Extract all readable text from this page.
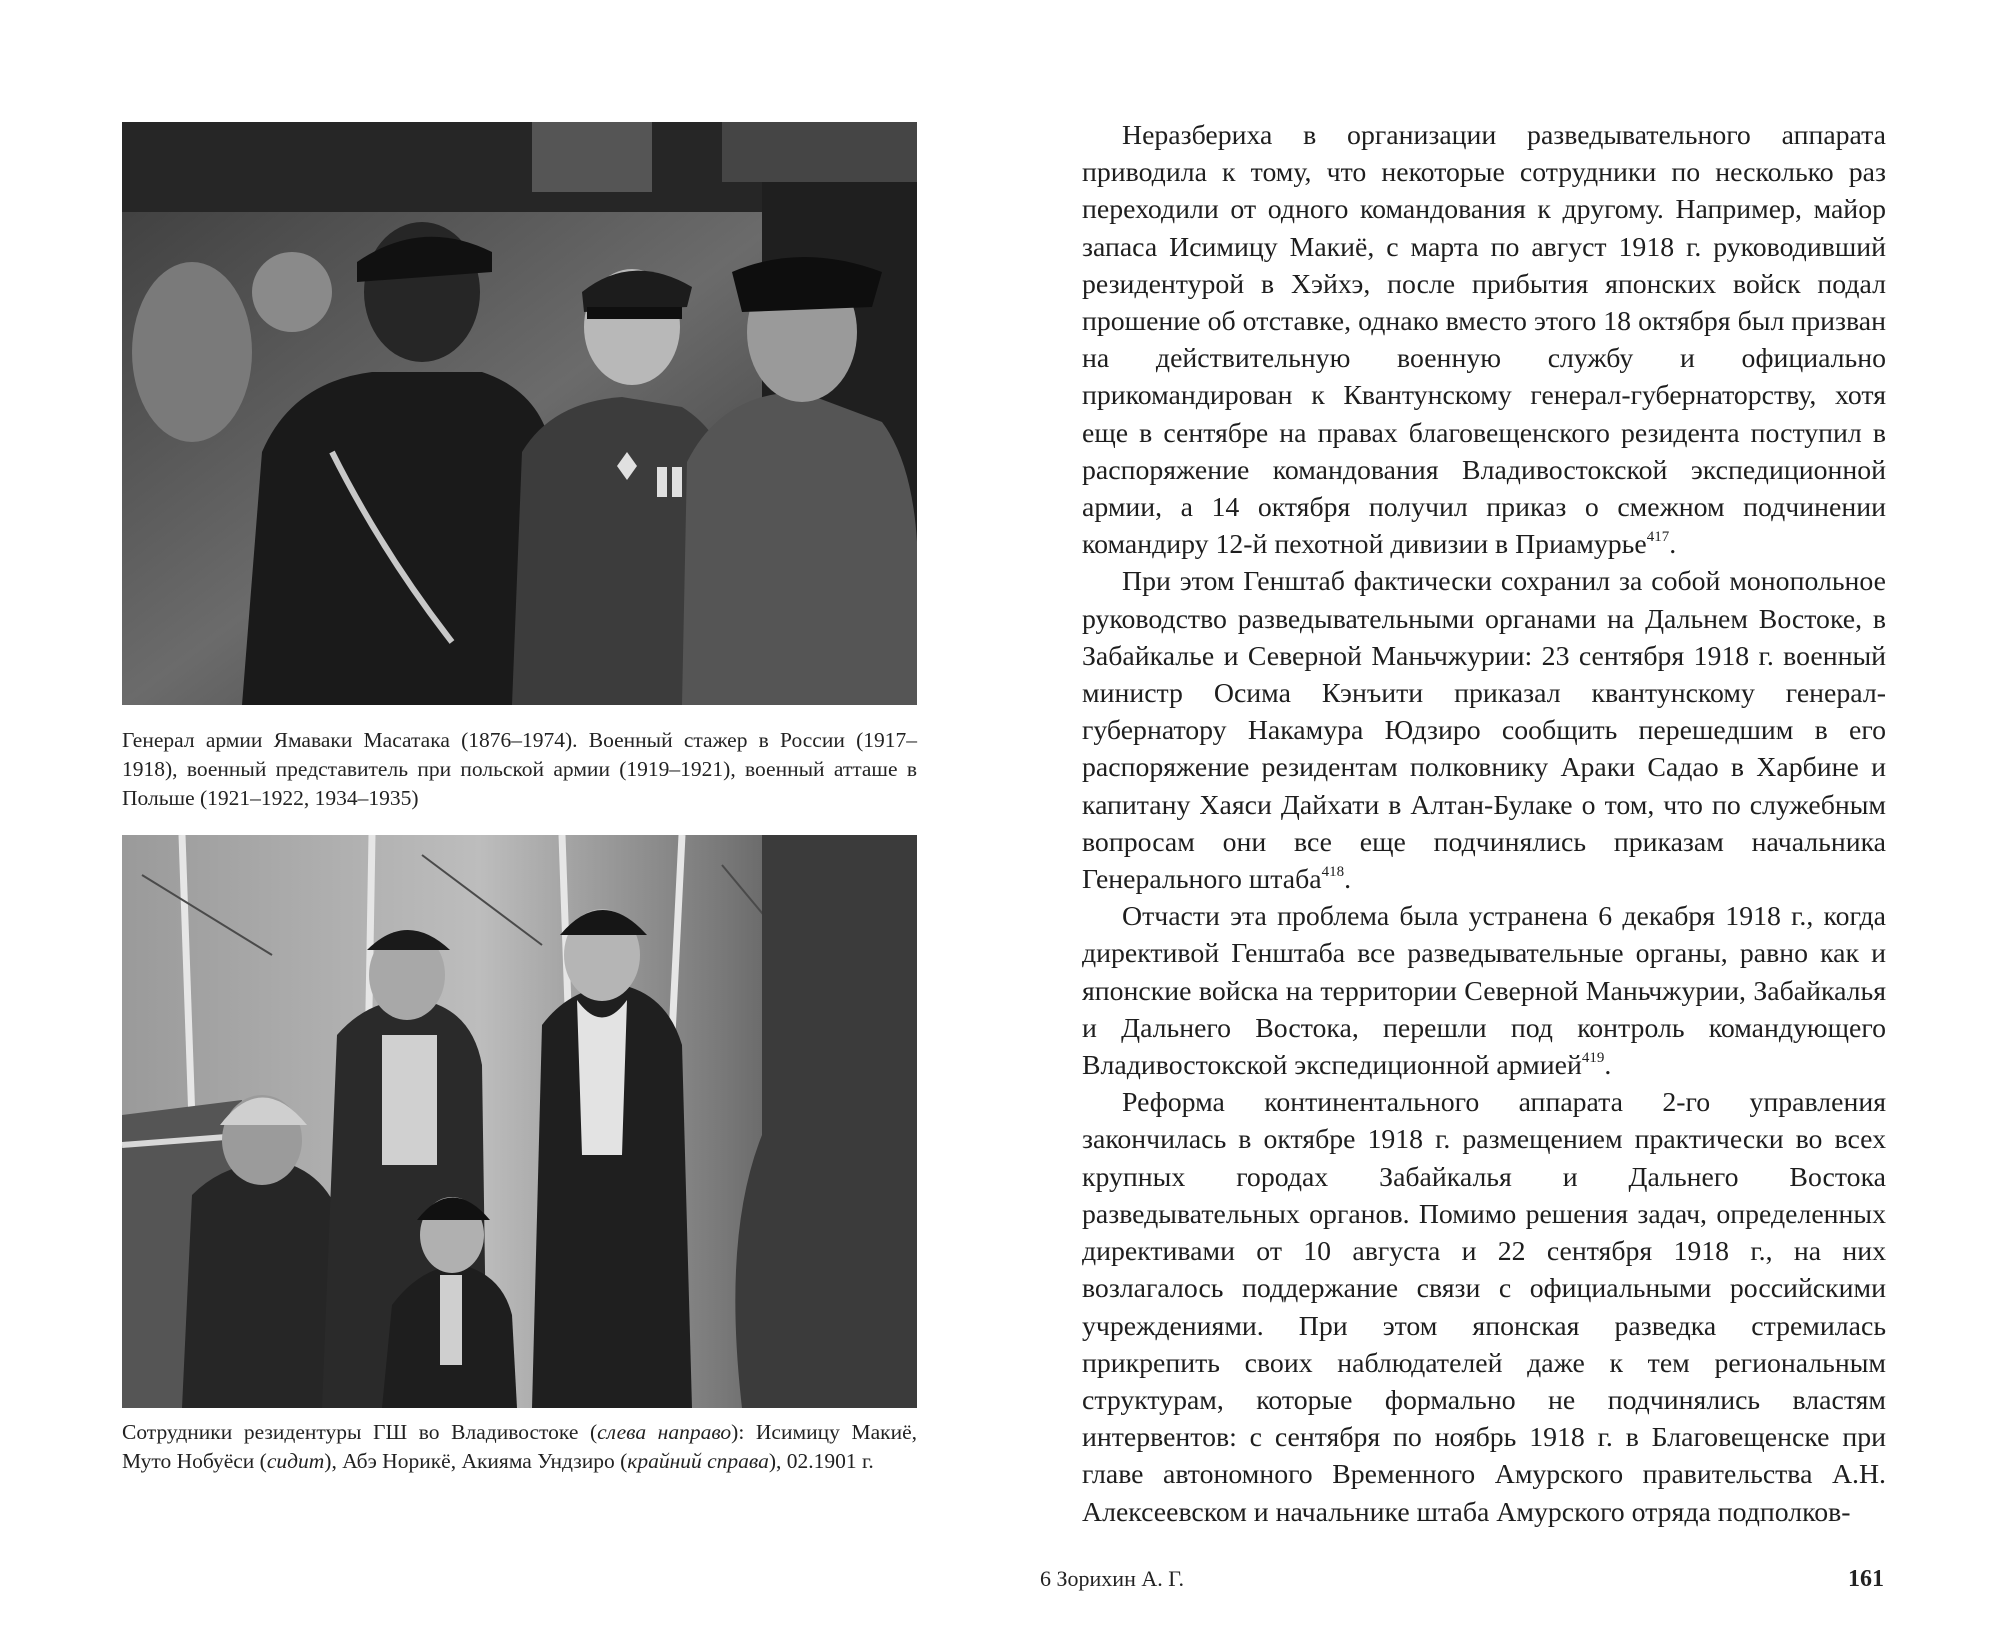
Генерал армии Ямаваки Масатака (1876–1974). Военный стажер в России (1917–1918), военный представитель при польской армии (1919–1921), военный атташе в Польше (1921–1922, 1934–1935)
Сотрудники резидентуры ГШ во Владивостоке (слева направо): Исимицу Макиё, Муто Нобуёси (сидит), Абэ Норикё, Акияма Ундзиро (крайний справа), 02.1901 г.

Неразбериха в организации разведывательного аппарата приводила к тому, что некоторые сотрудники по несколько раз переходили от одного командования к другому. Например, майор запаса Исимицу Макиё, с марта по август 1918 г. руководивший резидентурой в Хэйхэ, после прибытия японских войск подал прошение об отставке, однако вместо этого 18 октября был призван на действительную военную службу и официально прикомандирован к Квантунскому генерал-губернаторству, хотя еще в сентябре на правах благовещенского резидента поступил в распоряжение командования Владивостокской экспедиционной армии, а 14 октября получил приказ о смежном подчинении командиру 12-й пехотной дивизии в Приамурье$^{417}$.

При этом Генштаб фактически сохранил за собой монопольное руководство разведывательными органами на Дальнем Востоке, в Забайкалье и Северной Маньчжурии: 23 сентября 1918 г. военный министр Осима Кэнъити приказал квантунскому генерал-губернатору Накамура Юдзиро сообщить перешедшим в его распоряжение резидентам полковнику Араки Садао в Харбине и капитану Хаяси Дайхати в Алтан-Булаке о том, что по служебным вопросам они все еще подчинялись приказам начальника Генерального штаба$^{418}$.

Отчасти эта проблема была устранена 6 декабря 1918 г., когда директивой Генштаба все разведывательные органы, равно как и японские войска на территории Северной Маньчжурии, Забайкалья и Дальнего Востока, перешли под контроль командующего Владивостокской экспедиционной армией$^{419}$.

Реформа континентального аппарата 2-го управления закончилась в октябре 1918 г. размещением практически во всех крупных городах Забайкалья и Дальнего Востока разведывательных органов. Помимо решения задач, определенных директивами от 10 августа и 22 сентября 1918 г., на них возлагалось поддержание связи с официальными российскими учреждениями. При этом японская разведка стремилась прикрепить своих наблюдателей даже к тем региональным структурам, которые формально не подчинялись властям интервентов: с сентября по ноябрь 1918 г. в Благовещенске при главе автономного Временного Амурского правительства А.Н. Алексеевском и начальнике штаба Амурского отряда подполков-

6 Зорихин А. Г.	161
